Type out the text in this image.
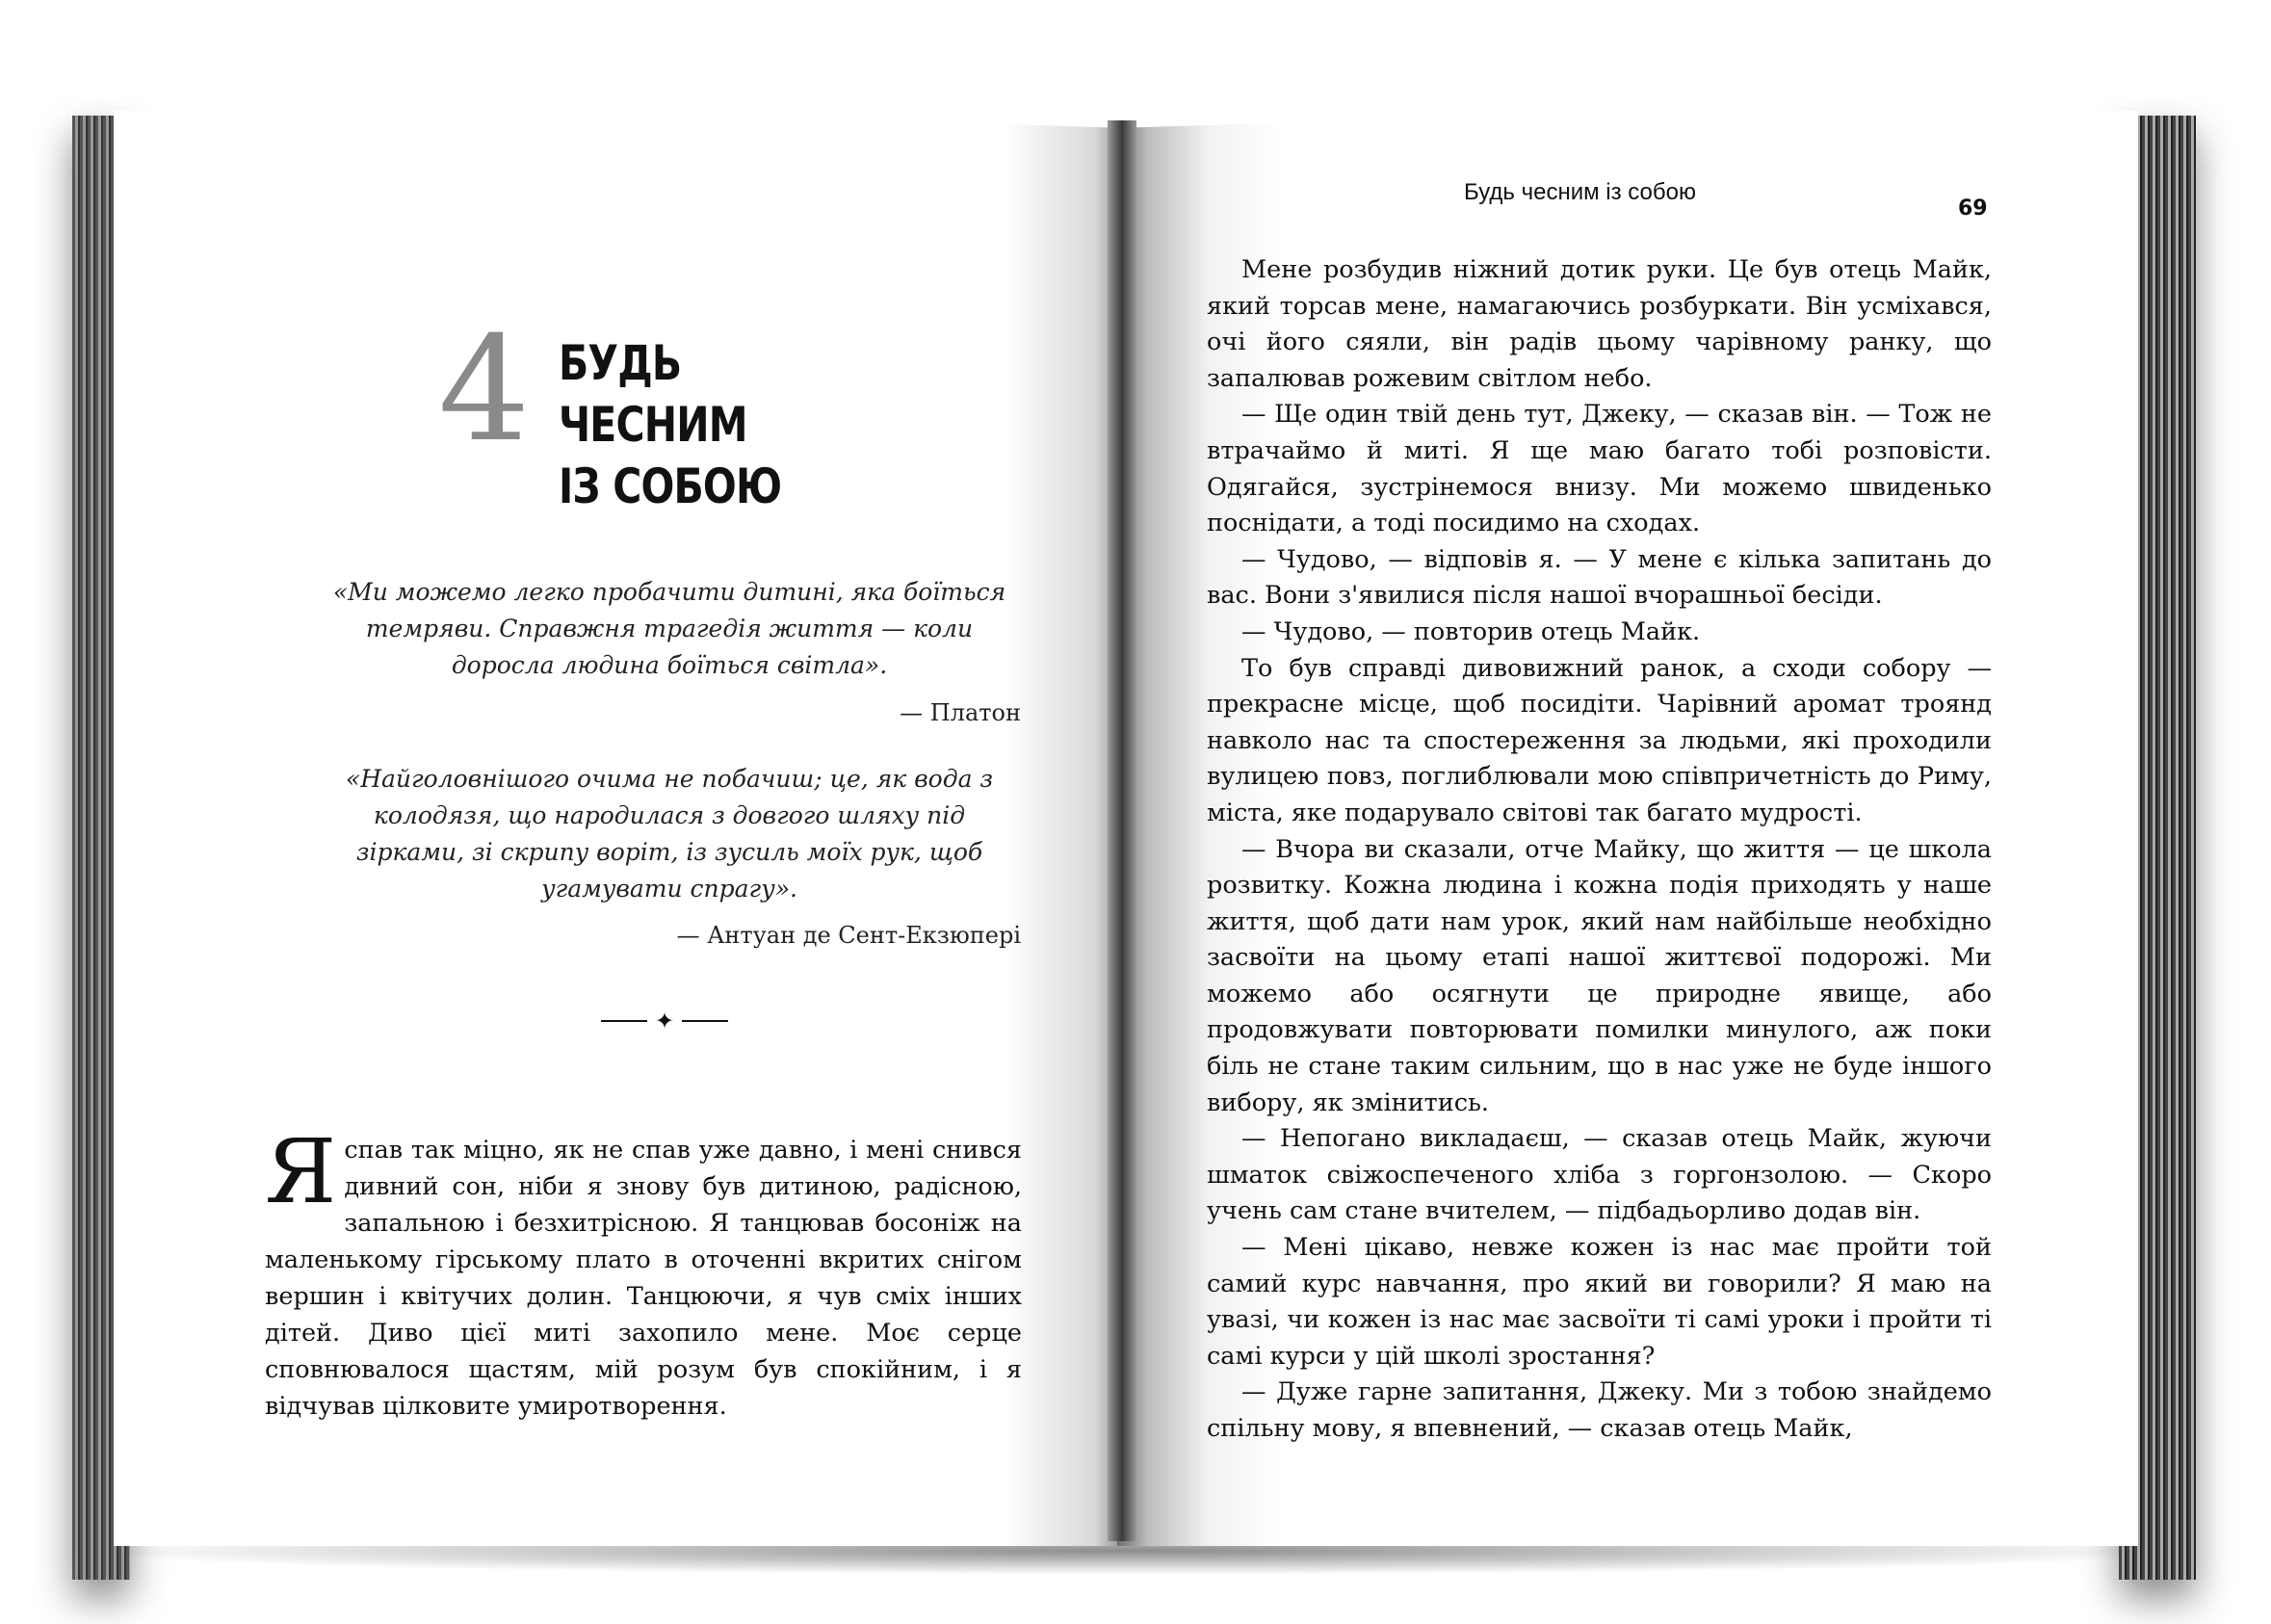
4 БУДЬ ЧЕСНИМ
ІЗ СОБОЮ
«Ми можемо легко пробачити дитині, яка боїться темряви. Справжня трагедія життя — коли доросла людина боїться світла».
— Платон
«Найголовнішого очима не побачиш; це, як вода з колодязя, що народилася з довгого шляху під зірками, зі скрипу воріт, із зусиль моїх рук, щоб угамувати спрагу».
— Антуан де Сент-Екзюпері
✦

Я спав так міцно, як не спав уже давно, і мені снився дивний сон, ніби я знову був дитиною, радісною, запальною і безхитрісною. Я танцював босоніж на маленькому гірському плато в оточенні вкритих снігом вершин і квітучих долин. Танцюючи, я чув сміх інших дітей. Диво цієї миті захопило мене. Моє серце сповнювалося щастям, мій розум був спокійним, і я відчував цілковите умиротворення.

Будь чесним із собою
69

Мене розбудив ніжний дотик руки. Це був отець Майк, який торсав мене, намагаючись розбуркати. Він усміхався, очі його сяяли, він радів цьому чарівному ранку, що запалював рожевим світлом небо.

— Ще один твій день тут, Джеку, — сказав він. — Тож не втрачаймо й миті. Я ще маю багато тобі розповісти. Одягайся, зустрінемося внизу. Ми можемо швиденько поснідати, а тоді посидимо на сходах.

— Чудово, — відповів я. — У мене є кілька запитань до вас. Вони з'явилися після нашої вчорашньої бесіди.

— Чудово, — повторив отець Майк.

То був справді дивовижний ранок, а сходи собору — прекрасне місце, щоб посидіти. Чарівний аромат троянд навколо нас та спостереження за людьми, які проходили вулицею повз, поглиблювали мою співпричетність до Риму, міста, яке подарувало світові так багато мудрості.

— Вчора ви сказали, отче Майку, що життя — це школа розвитку. Кожна людина і кожна подія приходять у наше життя, щоб дати нам урок, який нам найбільше необхідно засвоїти на цьому етапі нашої життєвої подорожі. Ми можемо або осягнути це природне явище, або продовжувати повторювати помилки минулого, аж поки біль не стане таким сильним, що в нас уже не буде іншого вибору, як змінитись.

— Непогано викладаєш, — сказав отець Майк, жуючи шматок свіжоспеченого хліба з горгонзолою. — Скоро учень сам стане вчителем, — підбадьорливо додав він.

— Мені цікаво, невже кожен із нас має пройти той самий курс навчання, про який ви говорили? Я маю на увазі, чи кожен із нас має засвоїти ті самі уроки і пройти ті самі курси у цій школі зростання?

— Дуже гарне запитання, Джеку. Ми з тобою знайдемо спільну мову, я впевнений, — сказав отець Майк,
